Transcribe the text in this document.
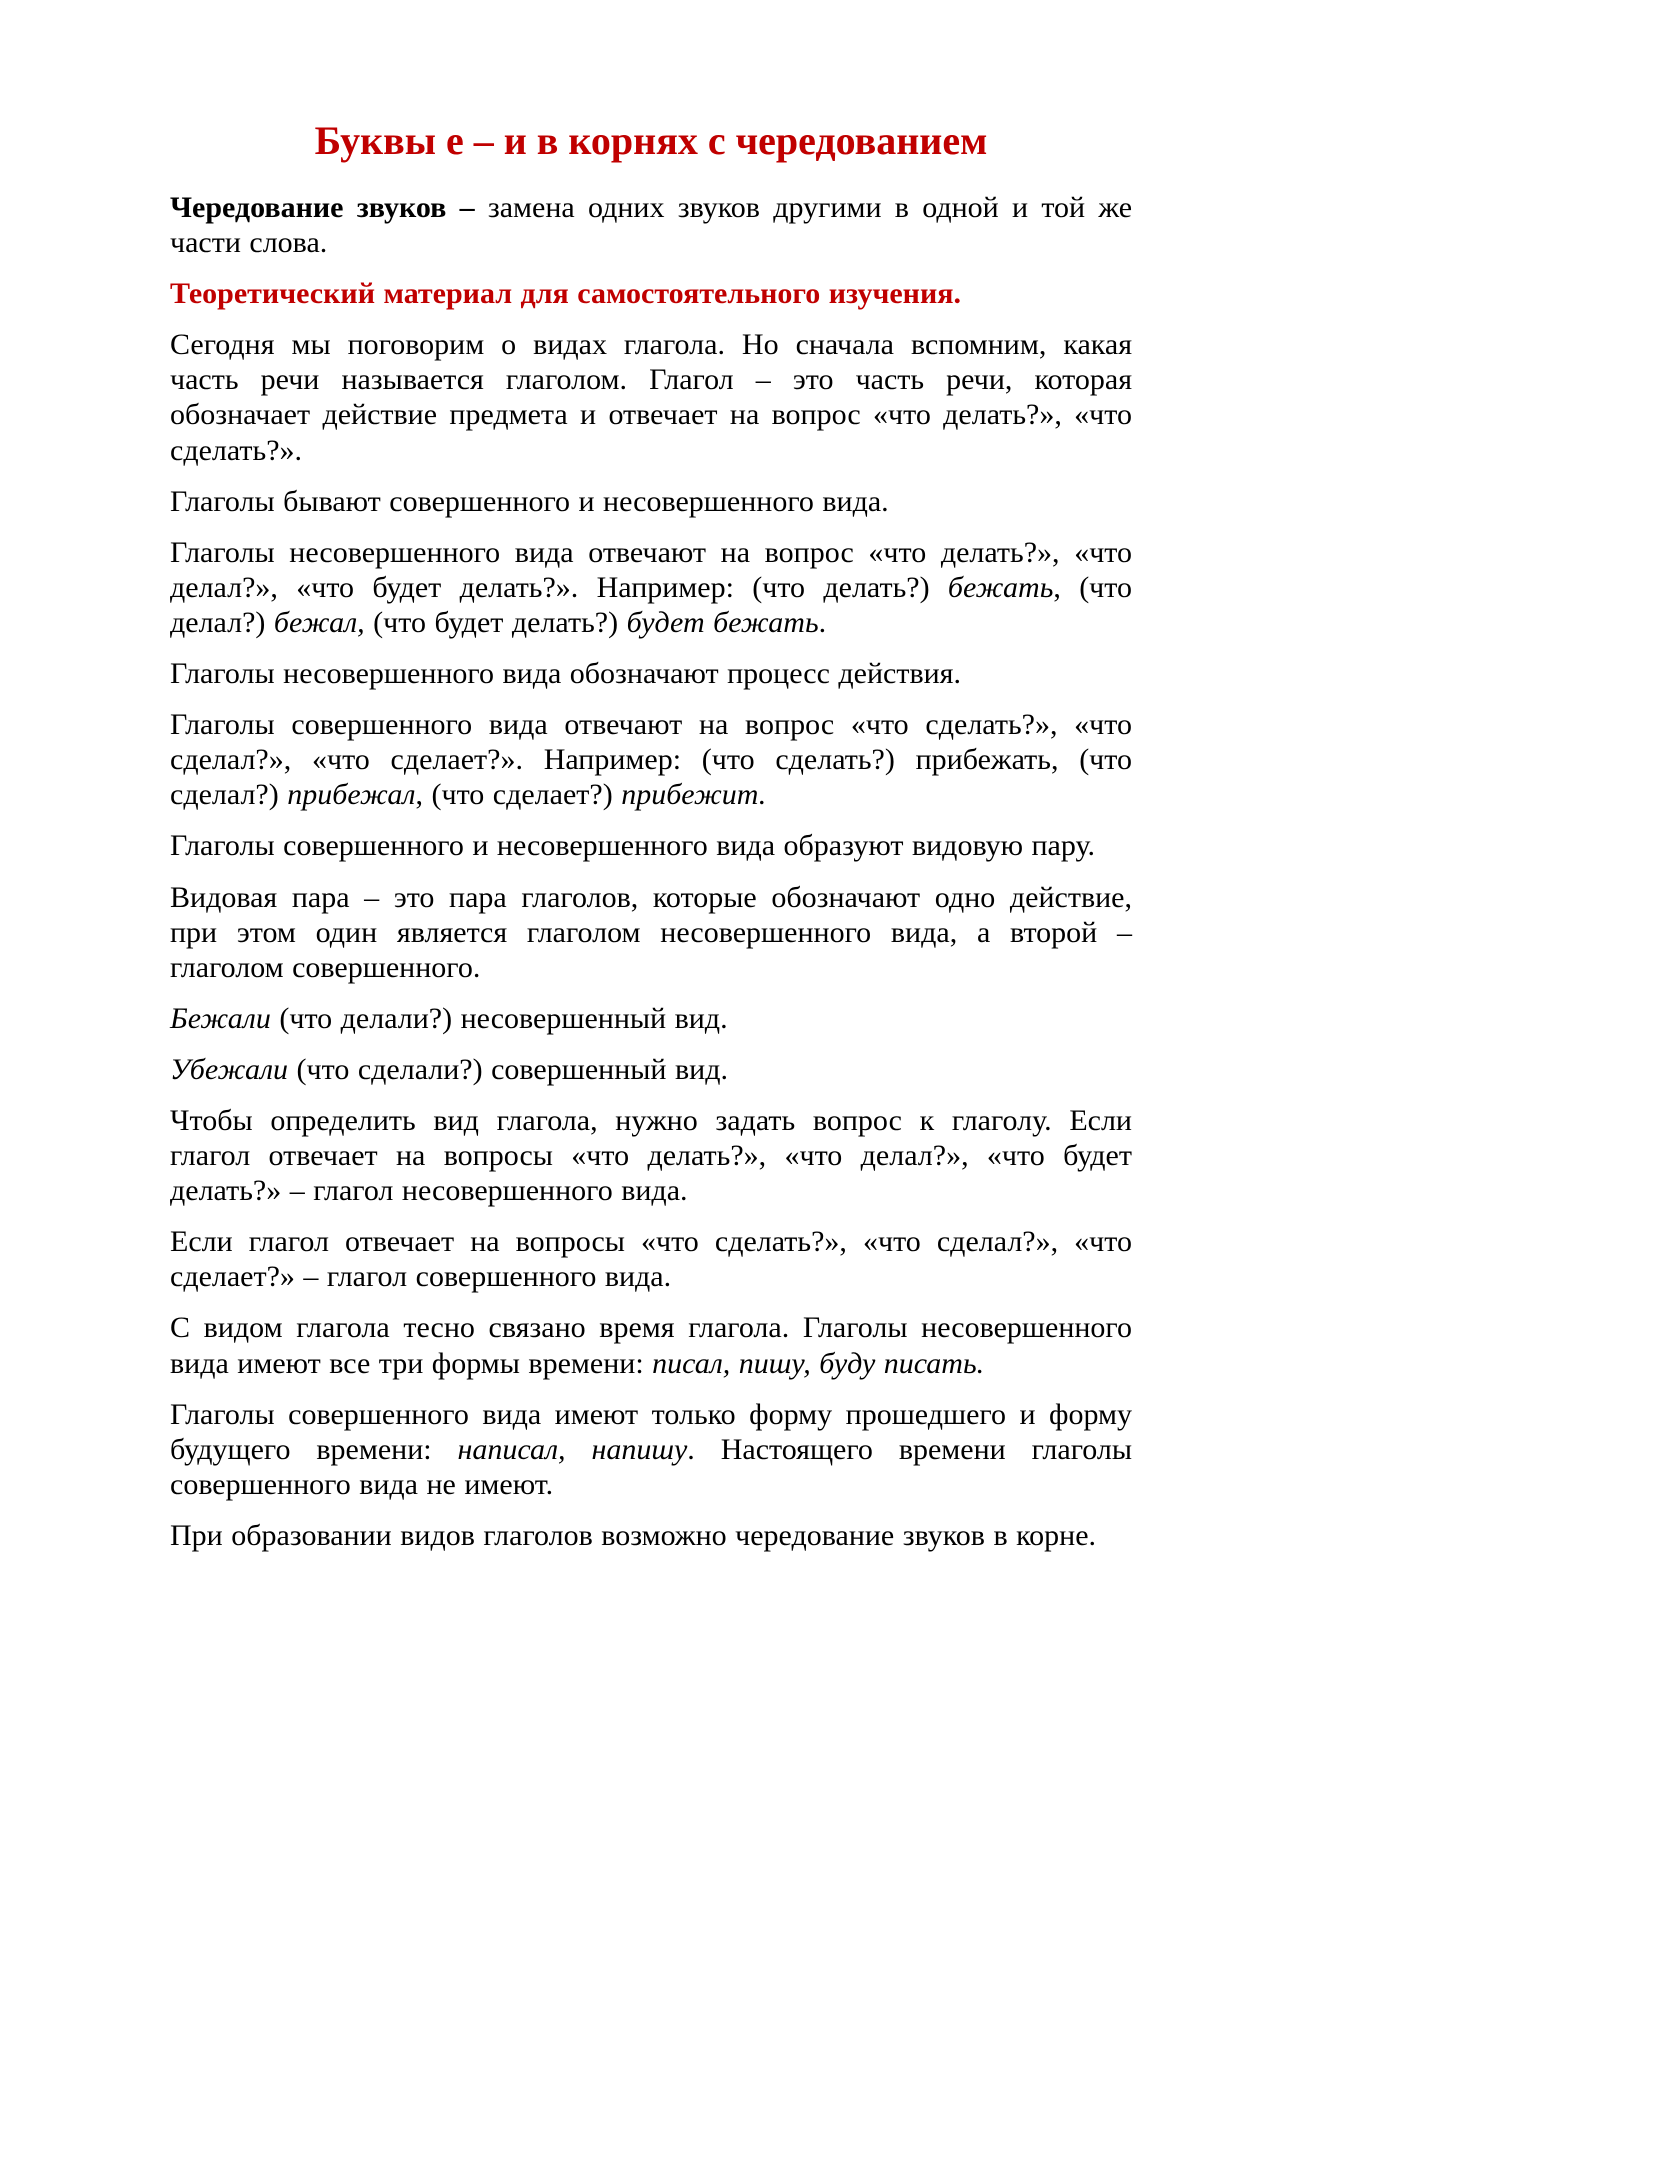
Буквы е – и в корнях с чередованием

Чередование звуков – замена одних звуков другими в одной и той же части слова.

Теоретический материал для самостоятельного изучения.

Сегодня мы поговорим о видах глагола. Но сначала вспомним, какая часть речи называется глаголом. Глагол – это часть речи, которая обозначает действие предмета и отвечает на вопрос «что делать?», «что сделать?».

Глаголы бывают совершенного и несовершенного вида.

Глаголы несовершенного вида отвечают на вопрос «что делать?», «что делал?», «что будет делать?». Например: (что делать?) бежать, (что делал?) бежал, (что будет делать?) будет бежать.

Глаголы несовершенного вида обозначают процесс действия.

Глаголы совершенного вида отвечают на вопрос «что сделать?», «что сделал?», «что сделает?». Например: (что сделать?) прибежать, (что сделал?) прибежал, (что сделает?) прибежит.

Глаголы совершенного и несовершенного вида образуют видовую пару.

Видовая пара – это пара глаголов, которые обозначают одно действие, при этом один является глаголом несовершенного вида, а второй – глаголом совершенного.

Бежали (что делали?) несовершенный вид.

Убежали (что сделали?) совершенный вид.

Чтобы определить вид глагола, нужно задать вопрос к глаголу. Если глагол отвечает на вопросы «что делать?», «что делал?», «что будет делать?» – глагол несовершенного вида.

Если глагол отвечает на вопросы «что сделать?», «что сделал?», «что сделает?» – глагол совершенного вида.

С видом глагола тесно связано время глагола. Глаголы несовершенного вида имеют все три формы времени: писал, пишу, буду писать.

Глаголы совершенного вида имеют только форму прошедшего и форму будущего времени: написал, напишу. Настоящего времени глаголы совершенного вида не имеют.

При образовании видов глаголов возможно чередование звуков в корне.
